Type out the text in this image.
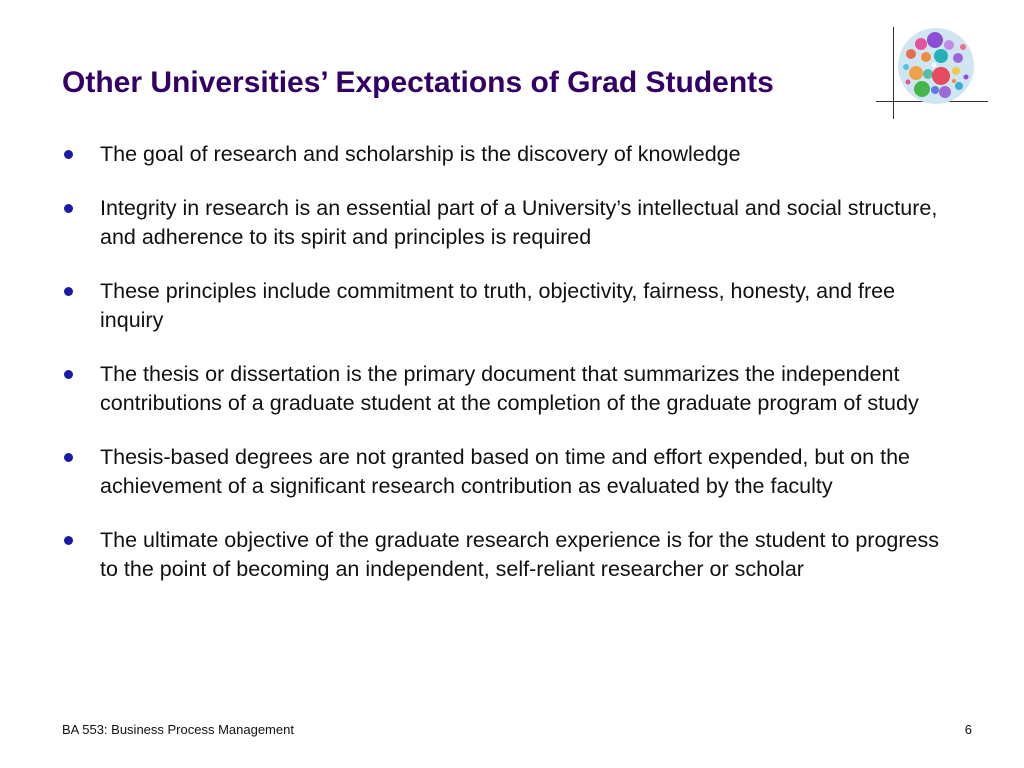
Other Universities’ Expectations of Grad Students
The goal of research and scholarship is the discovery of knowledge
Integrity in research is an essential part of a University’s intellectual and social structure, and adherence to its spirit and principles is required
These principles include commitment to truth, objectivity, fairness, honesty, and free inquiry
The thesis or dissertation is the primary document that summarizes the independent contributions of a graduate student at the completion of the graduate program of study
Thesis-based degrees are not granted based on time and effort expended, but on the achievement of a significant research contribution as evaluated by the faculty
The ultimate objective of the graduate research experience is for the student to progress to the point of becoming an independent, self-reliant researcher or scholar
BA 553: Business Process Management	6
